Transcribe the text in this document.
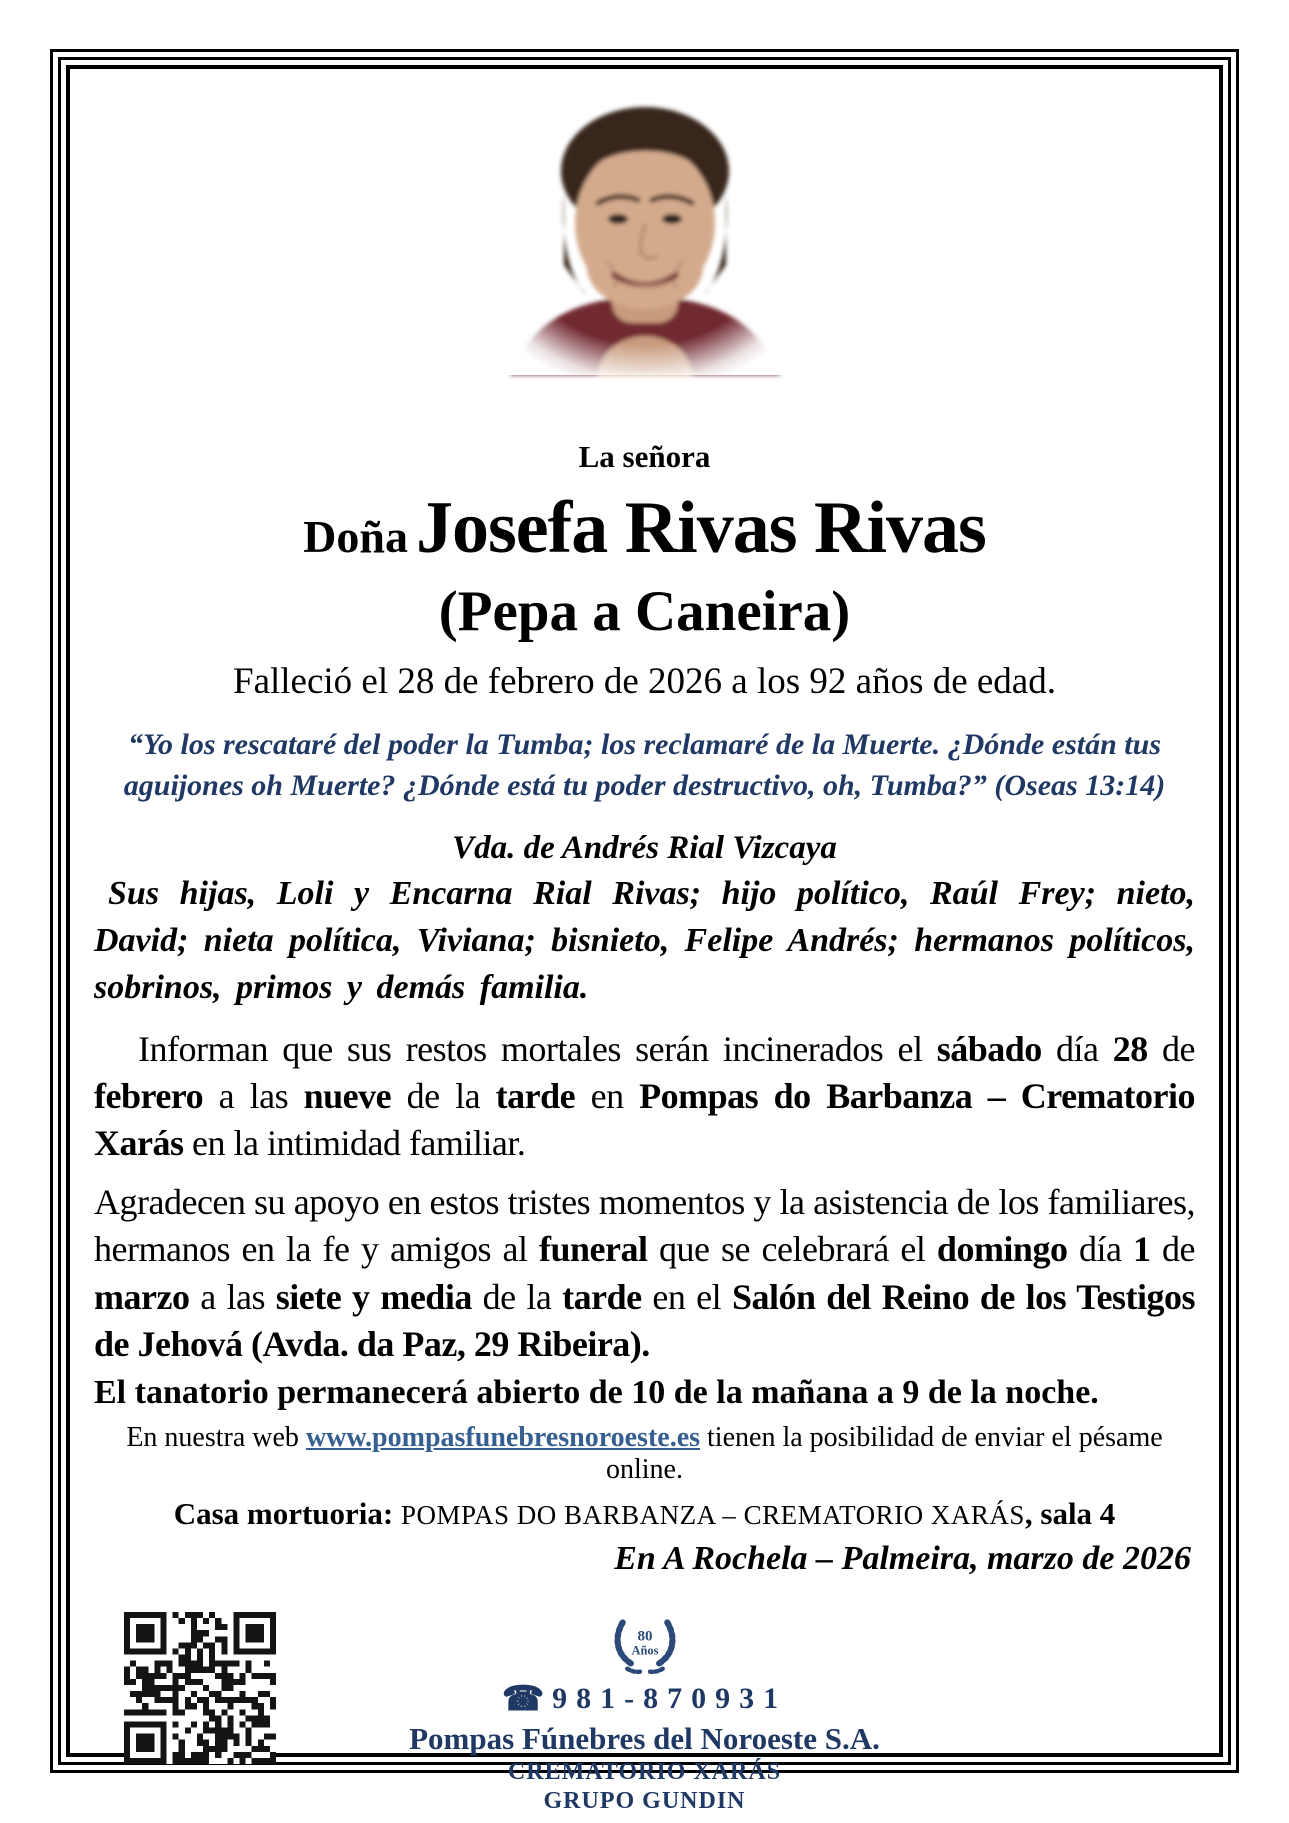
La señora
Doña Josefa Rivas Rivas
(Pepa a Caneira)
Falleció el 28 de febrero de 2026 a los 92 años de edad.
“Yo los rescataré del poder la Tumba; los reclamaré de la Muerte. ¿Dónde están tus aguijones oh Muerte? ¿Dónde está tu poder destructivo, oh, Tumba?” (Oseas 13:14)
Vda. de Andrés Rial Vizcaya

Sus hijas, Loli y Encarna Rial Rivas; hijo político, Raúl Frey; nieto, David; nieta política, Viviana; bisnieto, Felipe Andrés; hermanos políticos, sobrinos, primos y demás familia.

Informan que sus restos mortales serán incinerados el sábado día 28 de febrero a las nueve de la tarde en Pompas do Barbanza – Crematorio Xarás en la intimidad familiar.

Agradecen su apoyo en estos tristes momentos y la asistencia de los familiares, hermanos en la fe y amigos al funeral que se celebrará el domingo día 1 de marzo a las siete y media de la tarde en el Salón del Reino de los Testigos de Jehová (Avda. da Paz, 29 Ribeira).

El tanatorio permanecerá abierto de 10 de la mañana a 9 de la noche.

En nuestra web www.pompasfunebresnoroeste.es tienen la posibilidad de enviar el pésame online.

Casa mortuoria: POMPAS DO BARBANZA – CREMATORIO XARÁS, sala 4

En A Rochela – Palmeira, marzo de 2026

80
Años
☎ 981-870931
Pompas Fúnebres del Noroeste S.A.
CREMATORIO XARÁS
GRUPO GUNDIN
